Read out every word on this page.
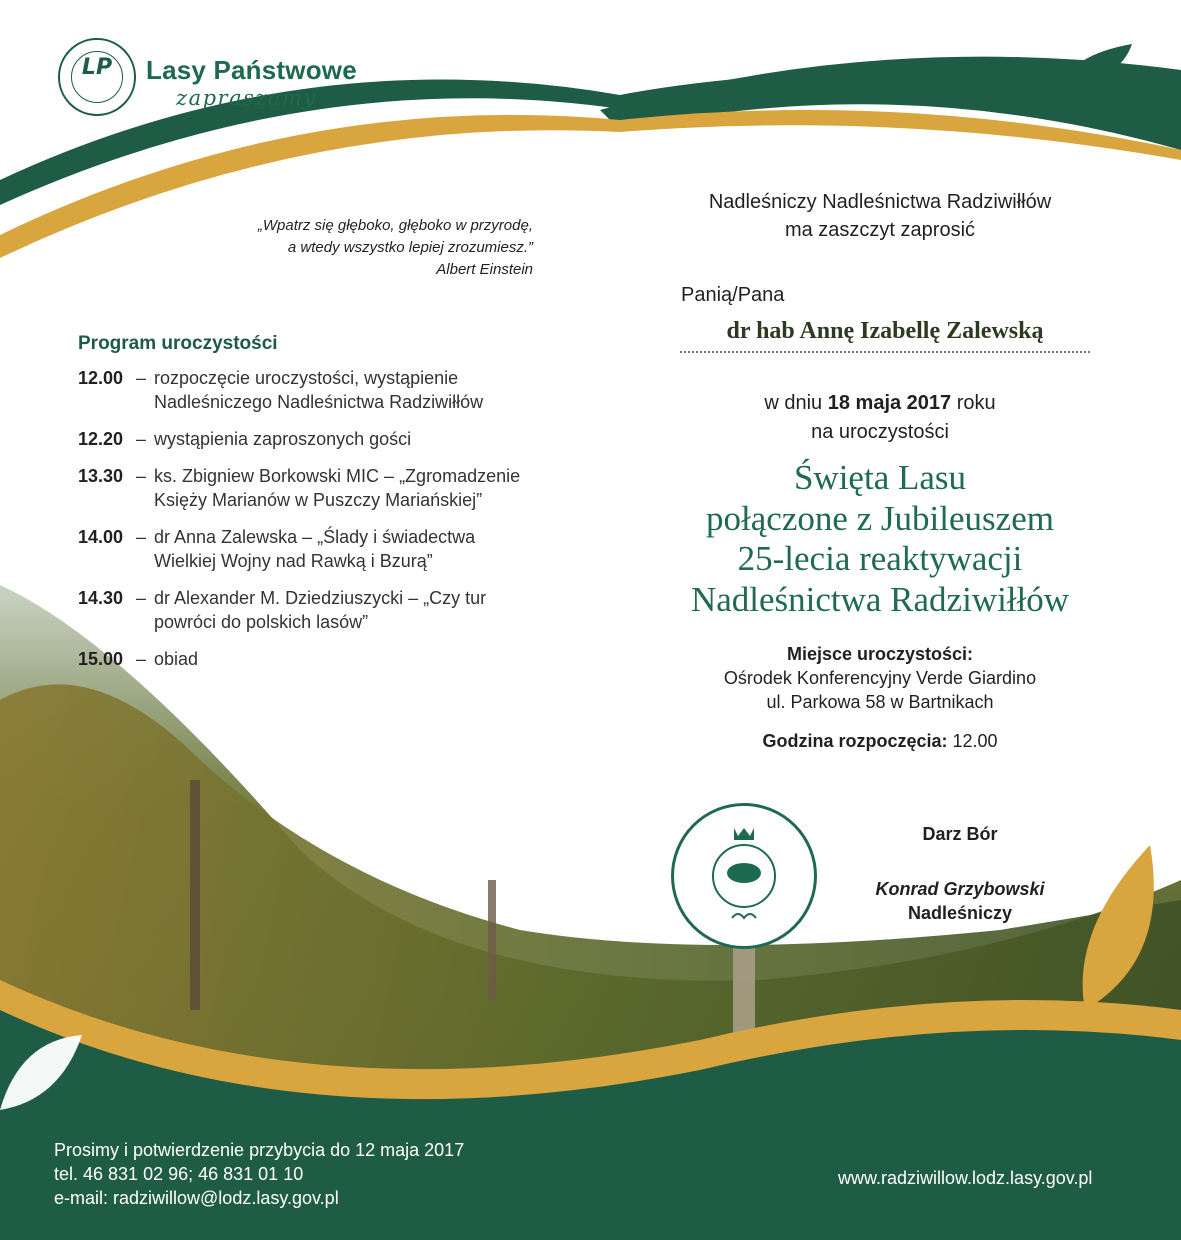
LP	Lasy Państwowe
zapraszamy
„Wpatrz się głęboko, głęboko w przyrodę,
a wtedy wszystko lepiej zrozumiesz.”
Albert Einstein
Program uroczystości
12.00 – rozpoczęcie uroczystości, wystąpienie
Nadleśniczego Nadleśnictwa Radziwiłłów
12.20 – wystąpienia zaproszonych gości
13.30 – ks. Zbigniew Borkowski MIC – „Zgromadzenie
Księży Marianów w Puszczy Mariańskiej”
14.00 – dr Anna Zalewska – „Ślady i świadectwa
Wielkiej Wojny nad Rawką i Bzurą”
14.30 – dr Alexander M. Dziedziuszycki – „Czy tur
powróci do polskich lasów”
15.00 – obiad
Nadleśniczy Nadleśnictwa Radziwiłłów
ma zaszczyt zaprosić
Panią/Pana
dr hab Annę Izabellę Zalewską
w dniu 18 maja 2017 roku
na uroczystości
Święta Lasu
połączone z Jubileuszem
25-lecia reaktywacji
Nadleśnictwa Radziwiłłów
Miejsce uroczystości:
Ośrodek Konferencyjny Verde Giardino
ul. Parkowa 58 w Bartnikach
Godzina rozpoczęcia: 12.00
Darz Bór
Konrad Grzybowski
Nadleśniczy
Prosimy i potwierdzenie przybycia do 12 maja 2017
tel. 46 831 02 96; 46 831 01 10
e-mail: radziwillow@lodz.lasy.gov.pl
www.radziwillow.lodz.lasy.gov.pl
